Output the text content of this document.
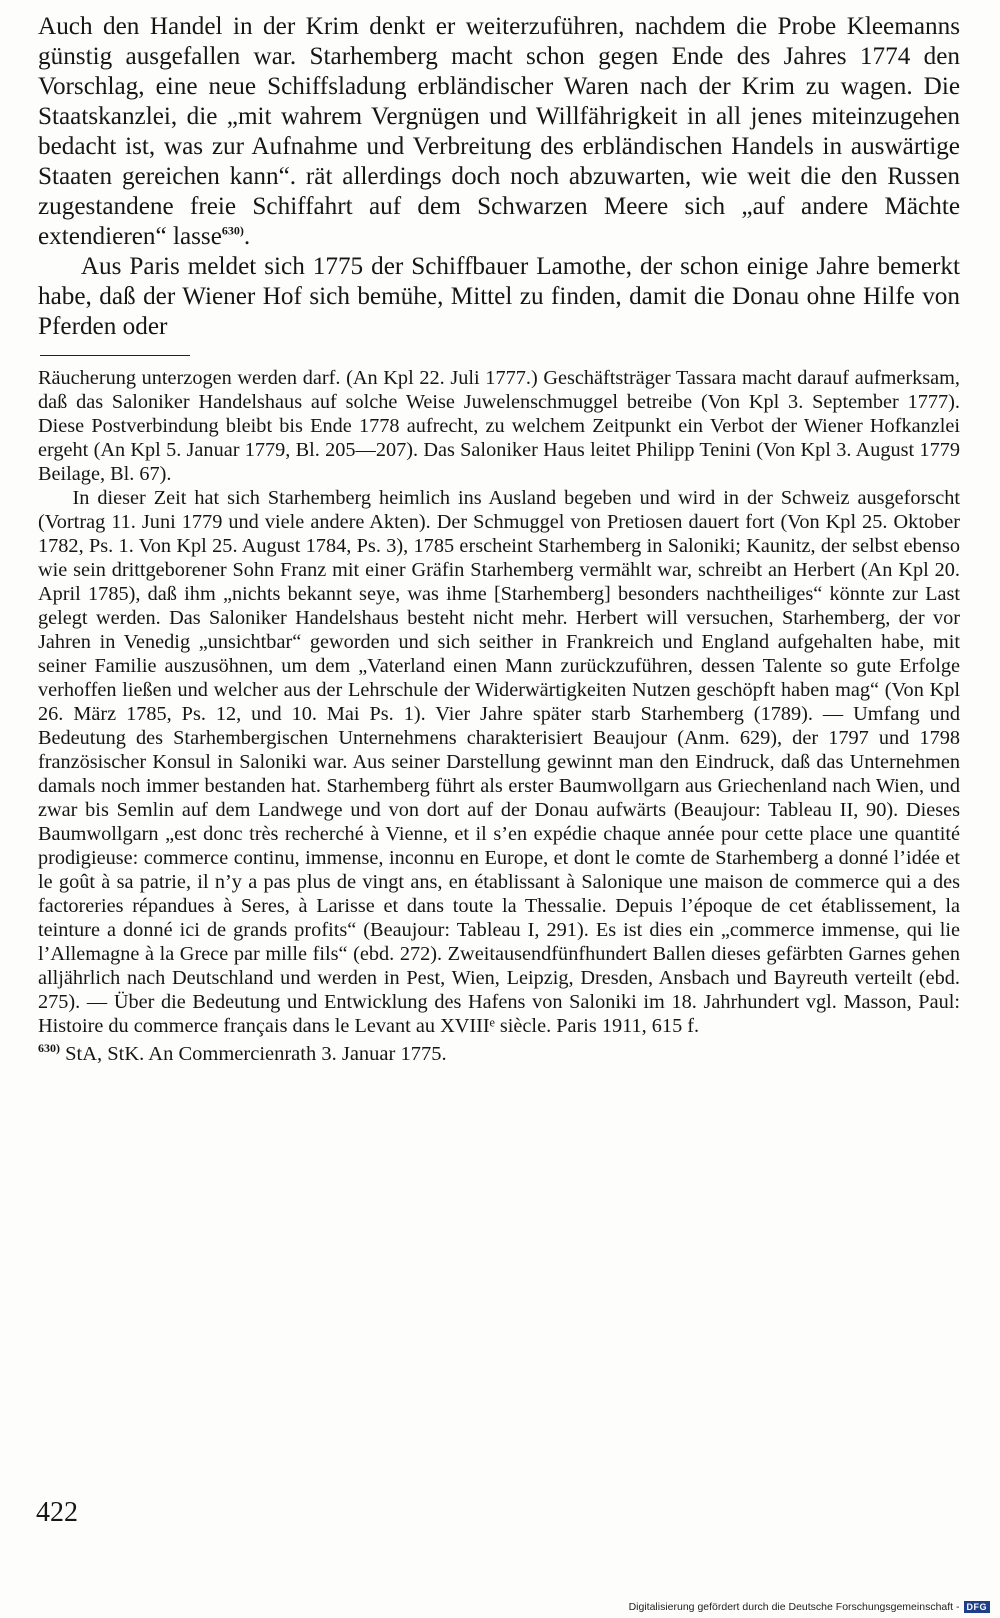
Auch den Handel in der Krim denkt er weiterzuführen, nachdem die Probe Kleemanns günstig ausgefallen war. Starhemberg macht schon gegen Ende des Jahres 1774 den Vorschlag, eine neue Schiffsladung erbländischer Waren nach der Krim zu wagen. Die Staatskanzlei, die „mit wahrem Vergnügen und Willfährigkeit in all jenes miteinzugehen bedacht ist, was zur Aufnahme und Verbreitung des erbländischen Handels in auswärtige Staaten gereichen kann“. rät allerdings doch noch abzuwarten, wie weit die den Russen zugestandene freie Schiffahrt auf dem Schwarzen Meere sich „auf andere Mächte extendieren“ lasse$^{630)}$.

Aus Paris meldet sich 1775 der Schiffbauer Lamothe, der schon einige Jahre bemerkt habe, daß der Wiener Hof sich bemühe, Mittel zu finden, damit die Donau ohne Hilfe von Pferden oder

Räucherung unterzogen werden darf. (An Kpl 22. Juli 1777.) Geschäftsträger Tassara macht darauf aufmerksam, daß das Saloniker Handelshaus auf solche Weise Juwelenschmuggel betreibe (Von Kpl 3. September 1777). Diese Postverbindung bleibt bis Ende 1778 aufrecht, zu welchem Zeitpunkt ein Verbot der Wiener Hofkanzlei ergeht (An Kpl 5. Januar 1779, Bl. 205—207). Das Saloniker Haus leitet Philipp Tenini (Von Kpl 3. August 1779 Beilage, Bl. 67).

In dieser Zeit hat sich Starhemberg heimlich ins Ausland begeben und wird in der Schweiz ausgeforscht (Vortrag 11. Juni 1779 und viele andere Akten). Der Schmuggel von Pretiosen dauert fort (Von Kpl 25. Oktober 1782, Ps. 1. Von Kpl 25. August 1784, Ps. 3), 1785 erscheint Starhemberg in Saloniki; Kaunitz, der selbst ebenso wie sein drittgeborener Sohn Franz mit einer Gräfin Starhemberg vermählt war, schreibt an Herbert (An Kpl 20. April 1785), daß ihm „nichts bekannt seye, was ihme [Starhemberg] besonders nachtheiliges“ könnte zur Last gelegt werden. Das Saloniker Handelshaus besteht nicht mehr. Herbert will versuchen, Starhemberg, der vor Jahren in Venedig „unsichtbar“ geworden und sich seither in Frankreich und England aufgehalten habe, mit seiner Familie auszusöhnen, um dem „Vaterland einen Mann zurückzuführen, dessen Talente so gute Erfolge verhoffen ließen und welcher aus der Lehrschule der Widerwärtigkeiten Nutzen geschöpft haben mag“ (Von Kpl 26. März 1785, Ps. 12, und 10. Mai Ps. 1). Vier Jahre später starb Starhemberg (1789). — Umfang und Bedeutung des Starhembergischen Unternehmens charakterisiert Beaujour (Anm. 629), der 1797 und 1798 französischer Konsul in Saloniki war. Aus seiner Darstellung gewinnt man den Eindruck, daß das Unternehmen damals noch immer bestanden hat. Starhemberg führt als erster Baumwollgarn aus Griechenland nach Wien, und zwar bis Semlin auf dem Landwege und von dort auf der Donau aufwärts (Beaujour: Tableau II, 90). Dieses Baumwollgarn „est donc très recherché à Vienne, et il s’en expédie chaque année pour cette place une quantité prodigieuse: commerce continu, immense, inconnu en Europe, et dont le comte de Starhemberg a donné l’idée et le goût à sa patrie, il n’y a pas plus de vingt ans, en établissant à Salonique une maison de commerce qui a des factoreries répandues à Seres, à Larisse et dans toute la Thessalie. Depuis l’époque de cet établissement, la teinture a donné ici de grands profits“ (Beaujour: Tableau I, 291). Es ist dies ein „commerce immense, qui lie l’Allemagne à la Grece par mille fils“ (ebd. 272). Zweitausendfünfhundert Ballen dieses gefärbten Garnes gehen alljährlich nach Deutschland und werden in Pest, Wien, Leipzig, Dresden, Ansbach und Bayreuth verteilt (ebd. 275). — Über die Bedeutung und Entwicklung des Hafens von Saloniki im 18. Jahrhundert vgl. Masson, Paul: Histoire du commerce français dans le Levant au XVIIIᵉ siècle. Paris 1911, 615 f.

$^{630)}$ StA, StK. An Commercienrath 3. Januar 1775.

422
Digitalisierung gefördert durch die Deutsche Forschungsgemeinschaft - DFG
